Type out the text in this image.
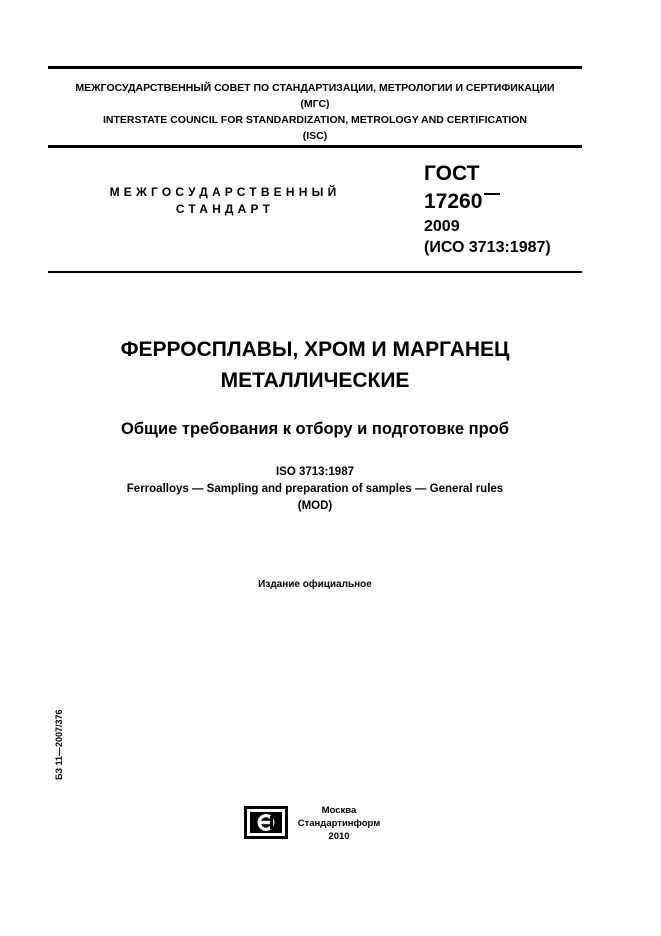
МЕЖГОСУДАРСТВЕННЫЙ СОВЕТ ПО СТАНДАРТИЗАЦИИ, МЕТРОЛОГИИ И СЕРТИФИКАЦИИ
(МГС)
INTERSTATE COUNCIL FOR STANDARDIZATION, METROLOGY AND CERTIFICATION
(ISC)
МЕЖГОСУДАРСТВЕННЫЙ
СТАНДАРТ
ГОСТ
17260
2009
(ИСО 3713:1987)
ФЕРРОСПЛАВЫ, ХРОМ И МАРГАНЕЦ
МЕТАЛЛИЧЕСКИЕ
Общие требования к отбору и подготовке проб
ISO 3713:1987
Ferroalloys — Sampling and preparation of samples — General rules
(MOD)
Издание официальное
БЗ 11—2007/376
Москва
Стандартинформ
2010
